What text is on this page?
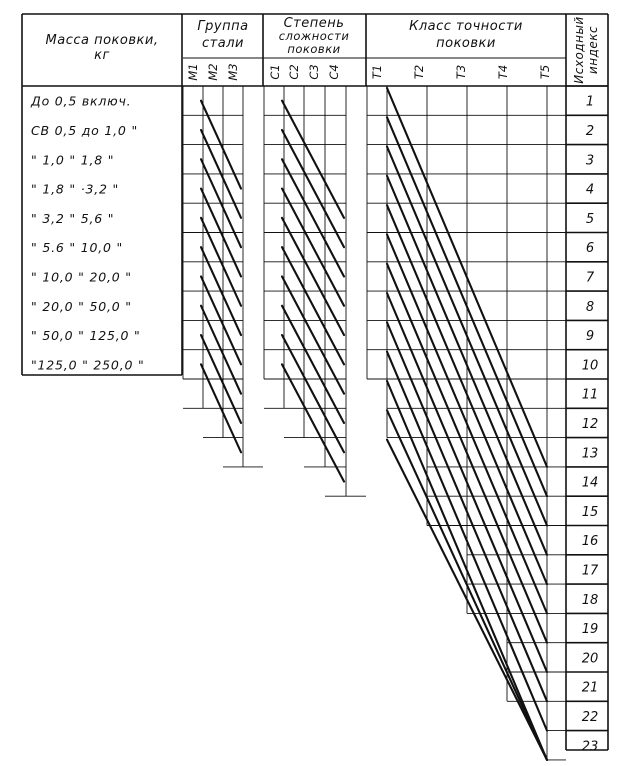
Масса поковки,
кг
Группа
стали
Степень
сложности
поковки
Класс точности
поковки	Исходный индекс
М1 М2 М3 С1 С2 С3 С4	Т1 Т2 Т3 Т4 Т5
До 0,5 включ.
СВ 0,5 до 1,0 "
" 1,0 " 1,8 "
" 1,8 " ·3,2 "
" 3,2 " 5,6 "
" 5.6 " 10,0 "
" 10,0 " 20,0 "
" 20,0 " 50,0 "
" 50,0 " 125,0 "
"125,0 " 250,0 "
1
2
3
4
5
6
7
8
9
10
11
12
13
14
15
16
17
18
19
20
21
22
23
